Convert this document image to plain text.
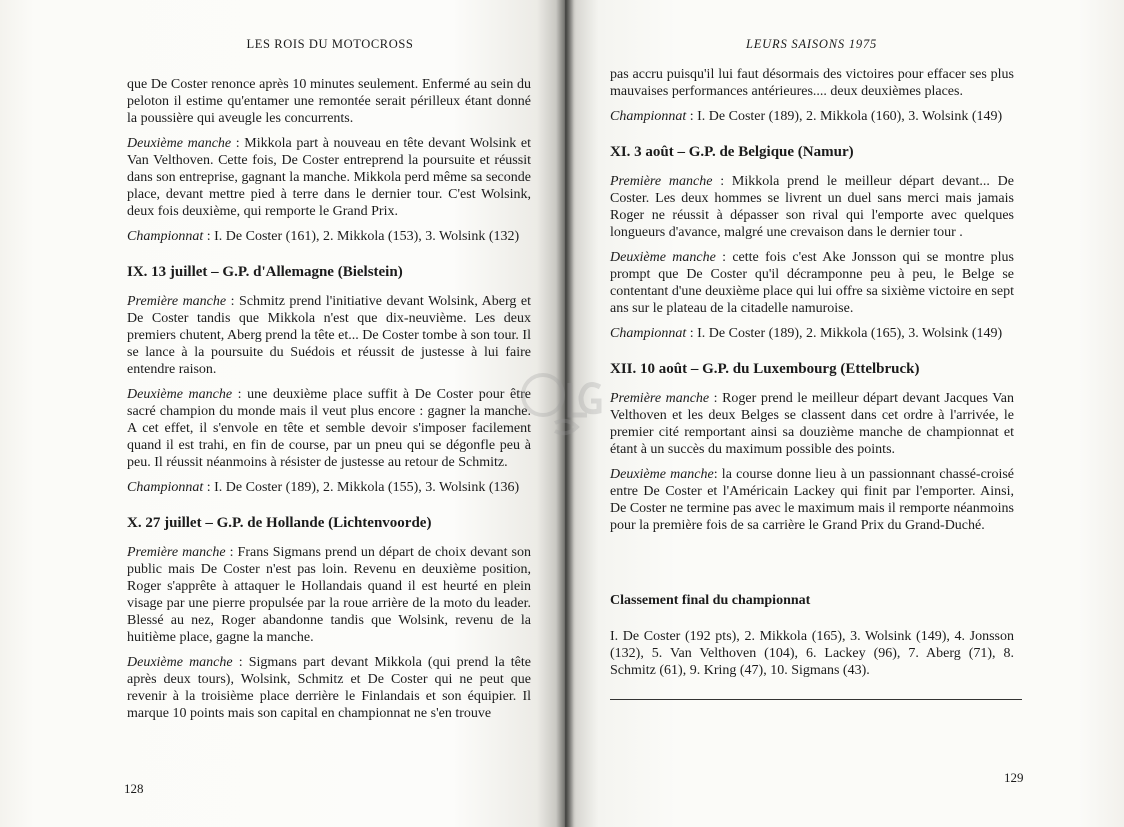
LES ROIS DU MOTOCROSS

que De Coster renonce après 10 minutes seulement. Enfermé au sein du peloton il estime qu'entamer une remontée serait périlleux étant donné la poussière qui aveugle les concurrents.

Deuxième manche : Mikkola part à nouveau en tête devant Wolsink et Van Velthoven. Cette fois, De Coster entreprend la poursuite et réussit dans son entreprise, gagnant la manche. Mikkola perd même sa seconde place, devant mettre pied à terre dans le dernier tour. C'est Wolsink, deux fois deuxième, qui remporte le Grand Prix.

Championnat : I. De Coster (161), 2. Mikkola (153), 3. Wolsink (132)

IX. 13 juillet – G.P. d'Allemagne (Bielstein)

Première manche : Schmitz prend l'initiative devant Wolsink, Aberg et De Coster tandis que Mikkola n'est que dix-neuvième. Les deux premiers chutent, Aberg prend la tête et... De Coster tombe à son tour. Il se lance à la poursuite du Suédois et réussit de justesse à lui faire entendre raison.

Deuxième manche : une deuxième place suffit à De Coster pour être sacré champion du monde mais il veut plus encore : gagner la manche. A cet effet, il s'envole en tête et semble devoir s'imposer facilement quand il est trahi, en fin de course, par un pneu qui se dégonfle peu à peu. Il réussit néanmoins à résister de justesse au retour de Schmitz.

Championnat : I. De Coster (189), 2. Mikkola (155), 3. Wolsink (136)

X. 27 juillet – G.P. de Hollande (Lichtenvoorde)

Première manche : Frans Sigmans prend un départ de choix devant son public mais De Coster n'est pas loin. Revenu en deuxième position, Roger s'apprête à attaquer le Hollandais quand il est heurté en plein visage par une pierre propulsée par la roue arrière de la moto du leader. Blessé au nez, Roger abandonne tandis que Wolsink, revenu de la huitième place, gagne la manche.

Deuxième manche : Sigmans part devant Mikkola (qui prend la tête après deux tours), Wolsink, Schmitz et De Coster qui ne peut que revenir à la troisième place derrière le Finlandais et son équipier. Il marque 10 points mais son capital en championnat ne s'en trouve

128
LEURS SAISONS 1975

pas accru puisqu'il lui faut désormais des victoires pour effacer ses plus mauvaises performances antérieures.... deux deuxièmes places.

Championnat : I. De Coster (189), 2. Mikkola (160), 3. Wolsink (149)

XI. 3 août – G.P. de Belgique (Namur)

Première manche : Mikkola prend le meilleur départ devant... De Coster. Les deux hommes se livrent un duel sans merci mais jamais Roger ne réussit à dépasser son rival qui l'emporte avec quelques longueurs d'avance, malgré une crevaison dans le dernier tour .

Deuxième manche : cette fois c'est Ake Jonsson qui se montre plus prompt que De Coster qu'il décramponne peu à peu, le Belge se contentant d'une deuxième place qui lui offre sa sixième victoire en sept ans sur le plateau de la citadelle namuroise.

Championnat : I. De Coster (189), 2. Mikkola (165), 3. Wolsink (149)

XII. 10 août – G.P. du Luxembourg (Ettelbruck)

Première manche : Roger prend le meilleur départ devant Jacques Van Velthoven et les deux Belges se classent dans cet ordre à l'arrivée, le premier cité remportant ainsi sa douzième manche de championnat et étant à un succès du maximum possible des points.

Deuxième manche: la course donne lieu à un passionnant chassé-croisé entre De Coster et l'Américain Lackey qui finit par l'emporter. Ainsi, De Coster ne termine pas avec le maximum mais il remporte néanmoins pour la première fois de sa carrière le Grand Prix du Grand-Duché.

Classement final du championnat

I. De Coster (192 pts), 2. Mikkola (165), 3. Wolsink (149), 4. Jonsson (132), 5. Van Velthoven (104), 6. Lackey (96), 7. Aberg (71), 8. Schmitz (61), 9. Kring (47), 10. Sigmans (43).

129
